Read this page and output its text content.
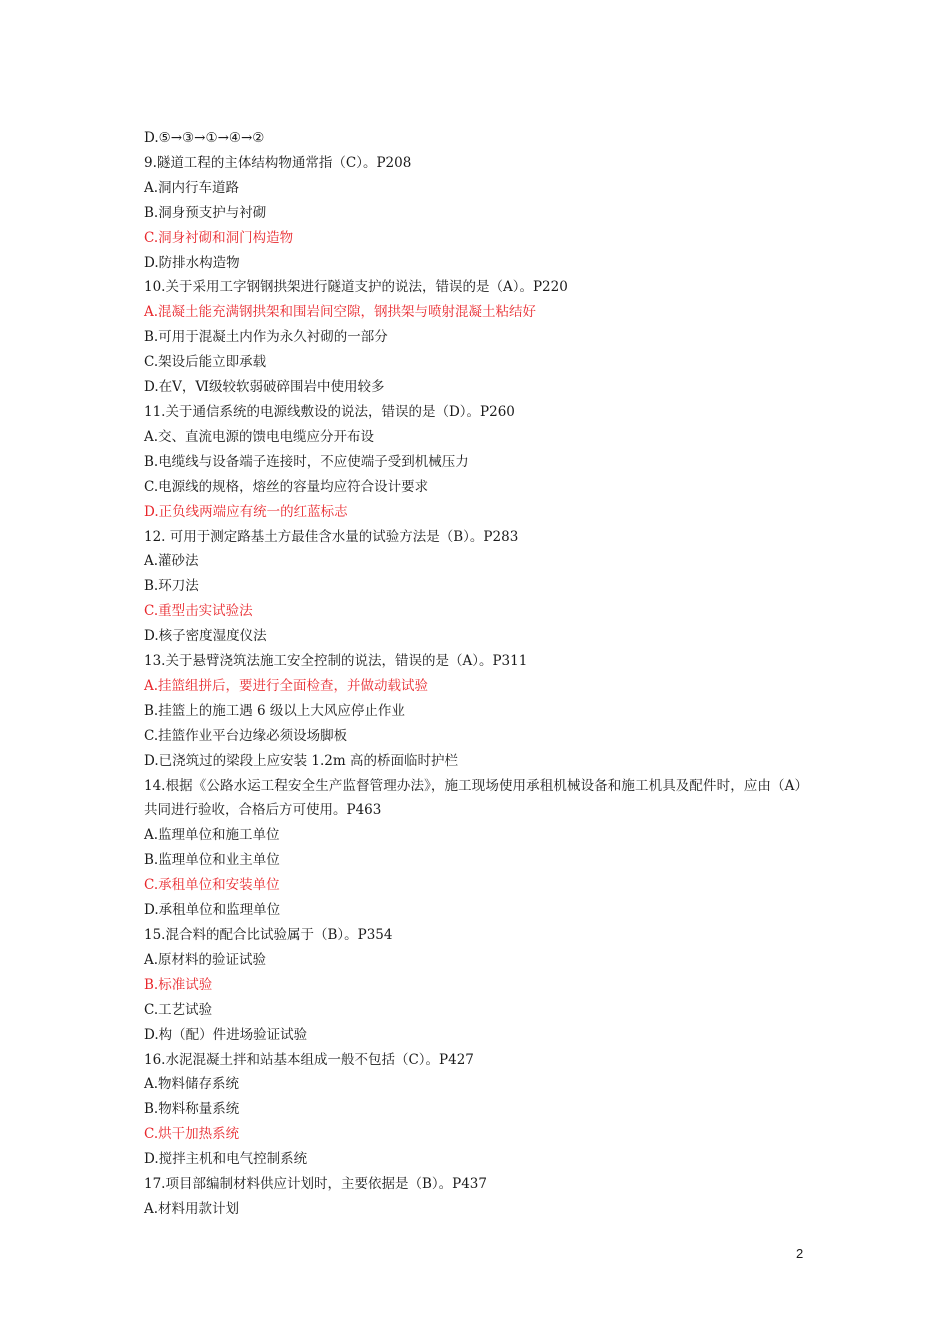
D.⑤→③→①→④→②
9.隧道工程的主体结构物通常指（C）。P208
A.洞内行车道路
B.洞身预支护与衬砌
C.洞身衬砌和洞门构造物
D.防排水构造物
10.关于采用工字钢钢拱架进行隧道支护的说法，错误的是（A）。P220
A.混凝土能充满钢拱架和围岩间空隙，钢拱架与喷射混凝土粘结好
B.可用于混凝土内作为永久衬砌的一部分
C.架设后能立即承载
D.在Ⅴ，Ⅵ级较软弱破碎围岩中使用较多
11.关于通信系统的电源线敷设的说法，错误的是（D）。P260
A.交、直流电源的馈电电缆应分开布设
B.电缆线与设备端子连接时，不应使端子受到机械压力
C.电源线的规格，熔丝的容量均应符合设计要求
D.正负线两端应有统一的红蓝标志
12. 可用于测定路基土方最佳含水量的试验方法是（B）。P283
A.灌砂法
B.环刀法
C.重型击实试验法
D.核子密度湿度仪法
13.关于悬臂浇筑法施工安全控制的说法，错误的是（A）。P311
A.挂篮组拼后，要进行全面检查，并做动载试验
B.挂篮上的施工遇 6 级以上大风应停止作业
C.挂篮作业平台边缘必须设场脚板
D.已浇筑过的梁段上应安装 1.2m 高的桥面临时护栏
14.根据《公路水运工程安全生产监督管理办法》，施工现场使用承租机械设备和施工机具及配件时，应由（A）共同进行验收，合格后方可使用。P463
A.监理单位和施工单位
B.监理单位和业主单位
C.承租单位和安装单位
D.承租单位和监理单位
15.混合料的配合比试验属于（B）。P354
A.原材料的验证试验
B.标准试验
C.工艺试验
D.构（配）件进场验证试验
16.水泥混凝土拌和站基本组成一般不包括（C）。P427
A.物料储存系统
B.物料称量系统
C.烘干加热系统
D.搅拌主机和电气控制系统
17.项目部编制材料供应计划时，主要依据是（B）。P437
A.材料用款计划
2
